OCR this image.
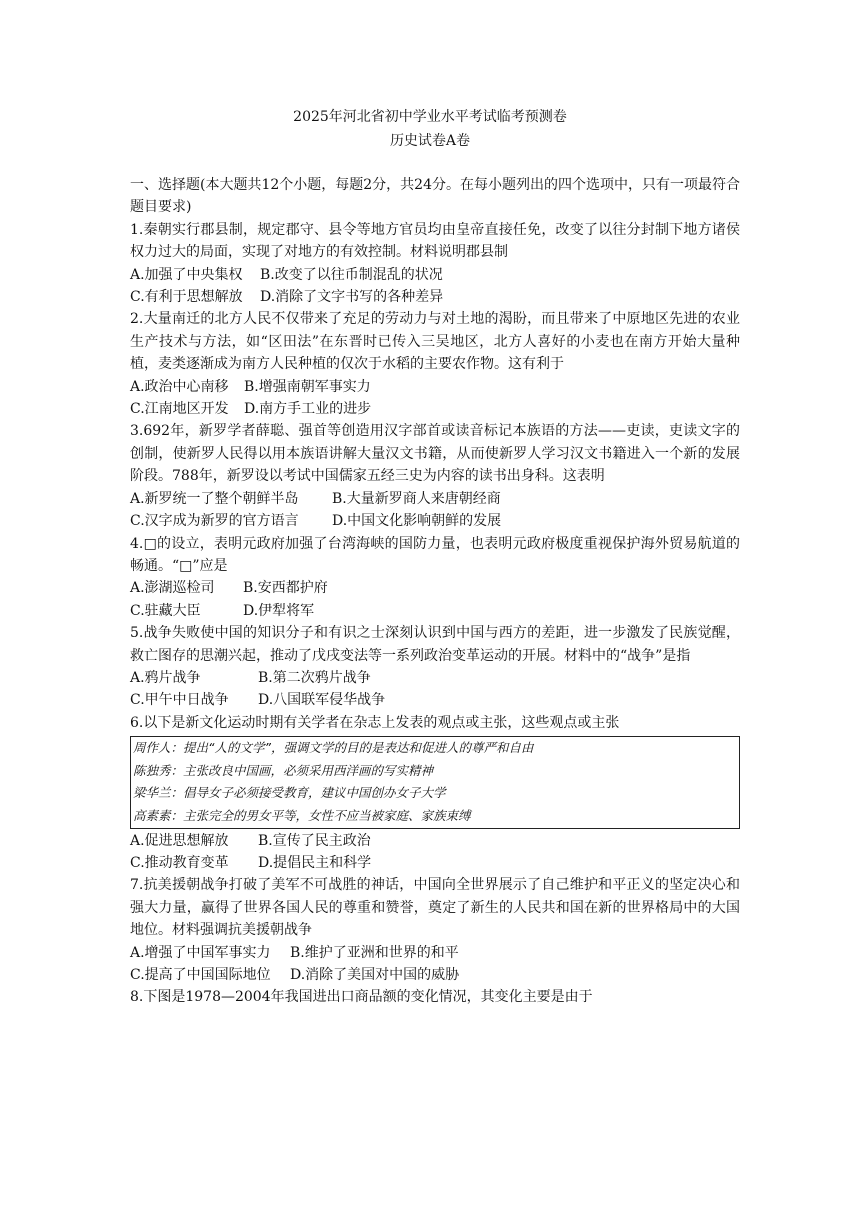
2025年河北省初中学业水平考试临考预测卷
历史试卷A卷

一、选择题(本大题共12个小题，每题2分，共24分。在每小题列出的四个选项中，只有一项最符合题目要求)

1.秦朝实行郡县制，规定郡守、县令等地方官员均由皇帝直接任免，改变了以往分封制下地方诸侯权力过大的局面，实现了对地方的有效控制。材料说明郡县制

A.加强了中央集权	B.改变了以往币制混乱的状况
C.有利于思想解放	D.消除了文字书写的各种差异

2.大量南迁的北方人民不仅带来了充足的劳动力与对土地的渴盼，而且带来了中原地区先进的农业生产技术与方法，如“区田法”在东晋时已传入三吴地区，北方人喜好的小麦也在南方开始大量种植，麦类逐渐成为南方人民种植的仅次于水稻的主要农作物。这有利于

A.政治中心南移	B.增强南朝军事实力
C.江南地区开发	D.南方手工业的进步

3.692年，新罗学者薛聪、强首等创造用汉字部首或读音标记本族语的方法——吏读，吏读文字的创制，使新罗人民得以用本族语讲解大量汉文书籍，从而使新罗人学习汉文书籍进入一个新的发展阶段。788年，新罗设以考试中国儒家五经三史为内容的读书出身科。这表明

A.新罗统一了整个朝鲜半岛	B.大量新罗商人来唐朝经商
C.汉字成为新罗的官方语言	D.中国文化影响朝鲜的发展

4.□的设立，表明元政府加强了台湾海峡的国防力量，也表明元政府极度重视保护海外贸易航道的畅通。“□”应是

A.澎湖巡检司	B.安西都护府
C.驻藏大臣	D.伊犁将军

5.战争失败使中国的知识分子和有识之士深刻认识到中国与西方的差距，进一步激发了民族觉醒，救亡图存的思潮兴起，推动了戊戌变法等一系列政治变革运动的开展。材料中的“战争”是指

A.鸦片战争	B.第二次鸦片战争
C.甲午中日战争	D.八国联军侵华战争

6.以下是新文化运动时期有关学者在杂志上发表的观点或主张，这些观点或主张

周作人：提出“人的文学”，强调文学的目的是表达和促进人的尊严和自由

陈独秀：主张改良中国画，必须采用西洋画的写实精神

梁华兰：倡导女子必须接受教育，建议中国创办女子大学

高素素：主张完全的男女平等，女性不应当被家庭、家族束缚

A.促进思想解放	B.宣传了民主政治
C.推动教育变革	D.提倡民主和科学

7.抗美援朝战争打破了美军不可战胜的神话，中国向全世界展示了自己维护和平正义的坚定决心和强大力量，赢得了世界各国人民的尊重和赞誉，奠定了新生的人民共和国在新的世界格局中的大国地位。材料强调抗美援朝战争

A.增强了中国军事实力	B.维护了亚洲和世界的和平
C.提高了中国国际地位	D.消除了美国对中国的威胁

8.下图是1978—2004年我国进出口商品额的变化情况，其变化主要是由于
